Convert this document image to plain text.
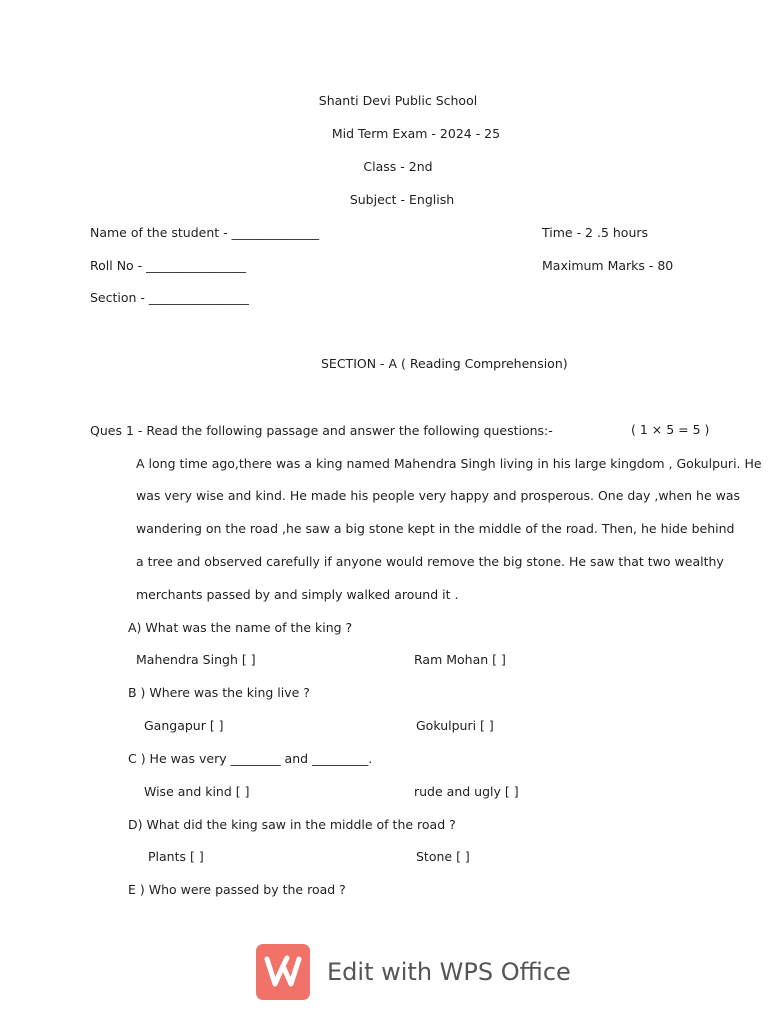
Shanti Devi Public School
Mid Term Exam - 2024 - 25
Class - 2nd
Subject - English
Name of the student - ______________	Time - 2 .5 hours
Roll No - ________________	Maximum Marks - 80
Section - ________________
SECTION - A ( Reading Comprehension)
Ques 1 - Read the following passage and answer the following questions:-	( 1 × 5 = 5 )
A long time ago,there was a king named Mahendra Singh living in his large kingdom , Gokulpuri. He
was very wise and kind. He made his people very happy and prosperous. One day ,when he was
wandering on the road ,he saw a big stone kept in the middle of the road. Then, he hide behind
a tree and observed carefully if anyone would remove the big stone. He saw that two wealthy
merchants passed by and simply walked around it .
A) What was the name of the king ?
Mahendra Singh [ ]	Ram Mohan [ ]
B ) Where was the king live ?
Gangapur [ ]	Gokulpuri [ ]
C ) He was very ________ and _________.
Wise and kind [ ]	rude and ugly [ ]
D) What did the king saw in the middle of the road ?
Plants [ ]	Stone [ ]
E ) Who were passed by the road ?
Edit with WPS Office
